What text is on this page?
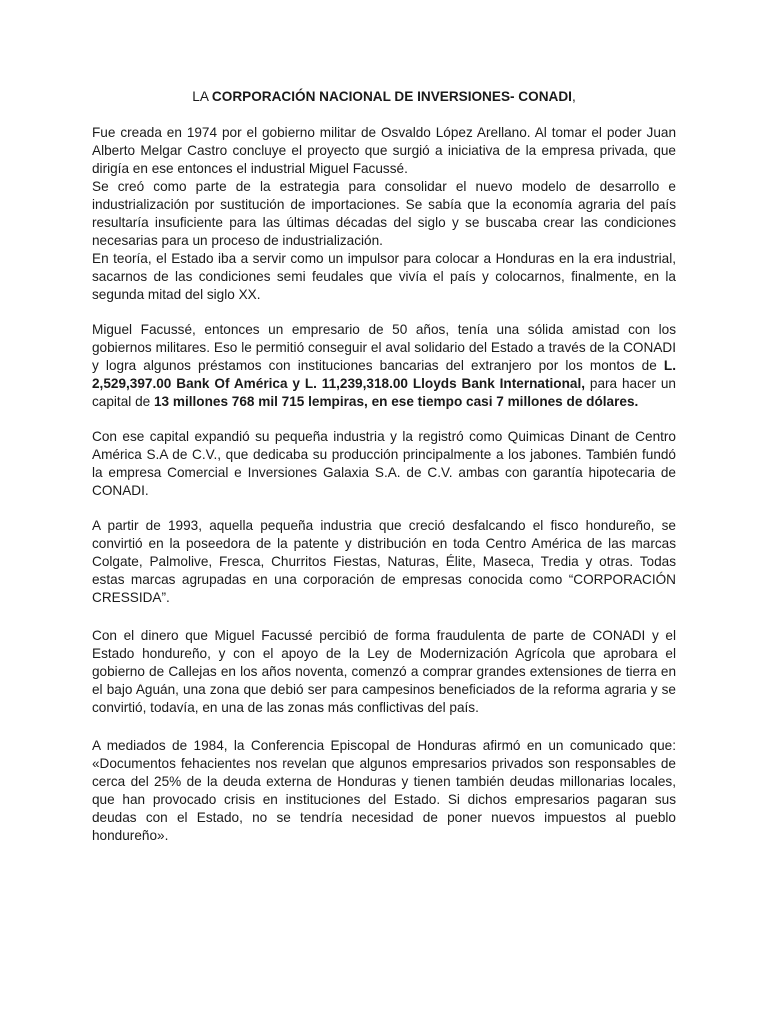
LA CORPORACIÓN NACIONAL DE INVERSIONES- CONADI,

Fue creada en 1974 por el gobierno militar de Osvaldo López Arellano. Al tomar el poder Juan Alberto Melgar Castro concluye el proyecto que surgió a iniciativa de la empresa privada, que dirigía en ese entonces el industrial Miguel Facussé.

Se creó como parte de la estrategia para consolidar el nuevo modelo de desarrollo e industrialización por sustitución de importaciones. Se sabía que la economía agraria del país resultaría insuficiente para las últimas décadas del siglo y se buscaba crear las condiciones necesarias para un proceso de industrialización.

En teoría, el Estado iba a servir como un impulsor para colocar a Honduras en la era industrial, sacarnos de las condiciones semi feudales que vivía el país y colocarnos, finalmente, en la segunda mitad del siglo XX.

Miguel Facussé, entonces un empresario de 50 años, tenía una sólida amistad con los gobiernos militares. Eso le permitió conseguir el aval solidario del Estado a través de la CONADI y logra algunos préstamos con instituciones bancarias del extranjero por los montos de L. 2,529,397.00 Bank Of América y L. 11,239,318.00 Lloyds Bank International, para hacer un capital de 13 millones 768 mil 715 lempiras, en ese tiempo casi 7 millones de dólares.

Con ese capital expandió su pequeña industria y la registró como Quimicas Dinant de Centro América S.A de C.V., que dedicaba su producción principalmente a los jabones. También fundó la empresa Comercial e Inversiones Galaxia S.A. de C.V. ambas con garantía hipotecaria de CONADI.

A partir de 1993, aquella pequeña industria que creció desfalcando el fisco hondureño, se convirtió en la poseedora de la patente y distribución en toda Centro América de las marcas Colgate, Palmolive, Fresca, Churritos Fiestas, Naturas, Élite, Maseca, Tredia y otras. Todas estas marcas agrupadas en una corporación de empresas conocida como “CORPORACIÓN CRESSIDA”.

Con el dinero que Miguel Facussé percibió de forma fraudulenta de parte de CONADI y el Estado hondureño, y con el apoyo de la Ley de Modernización Agrícola que aprobara el gobierno de Callejas en los años noventa, comenzó a comprar grandes extensiones de tierra en el bajo Aguán, una zona que debió ser para campesinos beneficiados de la reforma agraria y se convirtió, todavía, en una de las zonas más conflictivas del país.

A mediados de 1984, la Conferencia Episcopal de Honduras afirmó en un comunicado que: «Documentos fehacientes nos revelan que algunos empresarios privados son responsables de cerca del 25% de la deuda externa de Honduras y tienen también deudas millonarias locales, que han provocado crisis en instituciones del Estado. Si dichos empresarios pagaran sus deudas con el Estado, no se tendría necesidad de poner nuevos impuestos al pueblo hondureño».
